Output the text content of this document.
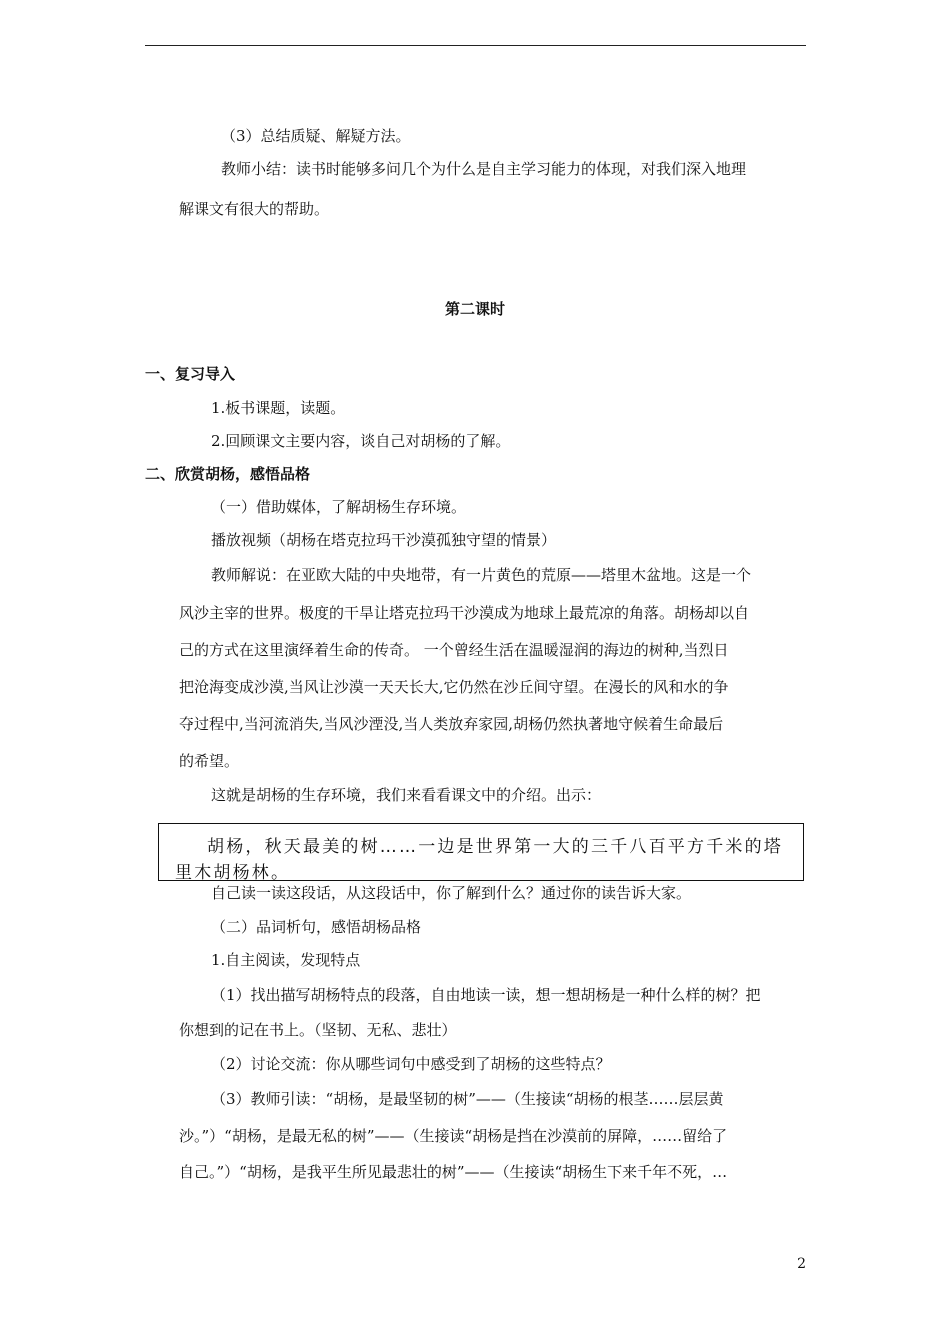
（3）总结质疑、解疑方法。
教师小结：读书时能够多问几个为什么是自主学习能力的体现，对我们深入地理
解课文有很大的帮助。
第二课时
一、复习导入
1.板书课题，读题。
2.回顾课文主要内容，谈自己对胡杨的了解。
二、欣赏胡杨，感悟品格
（一）借助媒体，了解胡杨生存环境。
播放视频（胡杨在塔克拉玛干沙漠孤独守望的情景）
教师解说：在亚欧大陆的中央地带，有一片黄色的荒原——塔里木盆地。这是一个
风沙主宰的世界。极度的干旱让塔克拉玛干沙漠成为地球上最荒凉的角落。胡杨却以自
己的方式在这里演绎着生命的传奇。 一个曾经生活在温暖湿润的海边的树种,当烈日
把沧海变成沙漠,当风让沙漠一天天长大,它仍然在沙丘间守望。在漫长的风和水的争
夺过程中,当河流消失,当风沙湮没,当人类放弃家园,胡杨仍然执著地守候着生命最后
的希望。
这就是胡杨的生存环境，我们来看看课文中的介绍。出示：
胡杨，秋天最美的树……一边是世界第一大的三千八百平方千米的塔
里木胡杨林。
自己读一读这段话，从这段话中，你了解到什么？通过你的读告诉大家。
（二）品词析句，感悟胡杨品格
1.自主阅读，发现特点
（1）找出描写胡杨特点的段落，自由地读一读，想一想胡杨是一种什么样的树？把
你想到的记在书上。（坚韧、无私、悲壮）
（2）讨论交流：你从哪些词句中感受到了胡杨的这些特点？
（3）教师引读：“胡杨，是最坚韧的树”——（生接读“胡杨的根茎……层层黄
沙。”）“胡杨，是最无私的树”——（生接读“胡杨是挡在沙漠前的屏障，……留给了
自己。”）“胡杨，是我平生所见最悲壮的树”——（生接读“胡杨生下来千年不死，…
2
